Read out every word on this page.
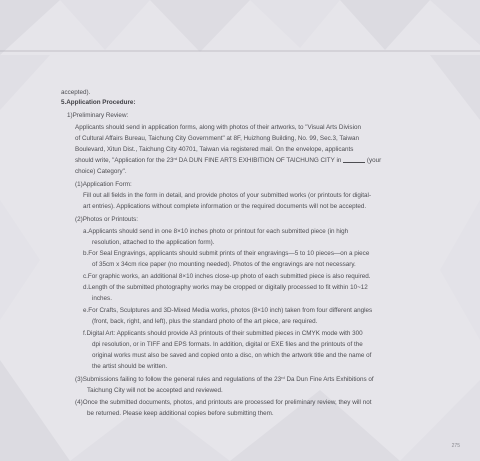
accepted).
5.Application Procedure:
1)Preliminary Review:
Applicants should send in application forms, along with photos of their artworks, to "Visual Arts Division
of Cultural Affairs Bureau, Taichung City Government" at 8F, Huizhong Building, No. 99, Sec.3, Taiwan
Boulevard, Xitun Dist., Taichung City 40701, Taiwan via registered mail. On the envelope, applicants
should write, "Application for the 23rd DA DUN FINE ARTS EXHIBITION OF TAICHUNG CITY in	(your
choice) Category".
(1)Application Form:
Fill out all fields in the form in detail, and provide photos of your submitted works (or printouts for digital-
art entries). Applications without complete information or the required documents will not be accepted.
(2)Photos or Printouts:
a.Applicants should send in one 8×10 inches photo or printout for each submitted piece (in high
resolution, attached to the application form).
b.For Seal Engravings, applicants should submit prints of their engravings—5 to 10 pieces—on a piece
of 35cm x 34cm rice paper (no mounting needed). Photos of the engravings are not necessary.
c.For graphic works, an additional 8×10 inches close-up photo of each submitted piece is also required.
d.Length of the submitted photography works may be cropped or digitally processed to fit within 10~12
inches.
e.For Crafts, Sculptures and 3D-Mixed Media works, photos (8×10 inch) taken from four different angles
(front, back, right, and left), plus the standard photo of the art piece, are required.
f.Digital Art: Applicants should provide A3 printouts of their submitted pieces in CMYK mode with 300
dpi resolution, or in TIFF and EPS formats. In addition, digital or EXE files and the printouts of the
original works must also be saved and copied onto a disc, on which the artwork title and the name of
the artist should be written.
(3)Submissions failing to follow the general rules and regulations of the 23rd Da Dun Fine Arts Exhibitions of
Taichung City will not be accepted and reviewed.
(4)Once the submitted documents, photos, and printouts are processed for preliminary review, they will not
be returned. Please keep additional copies before submitting them.
275
